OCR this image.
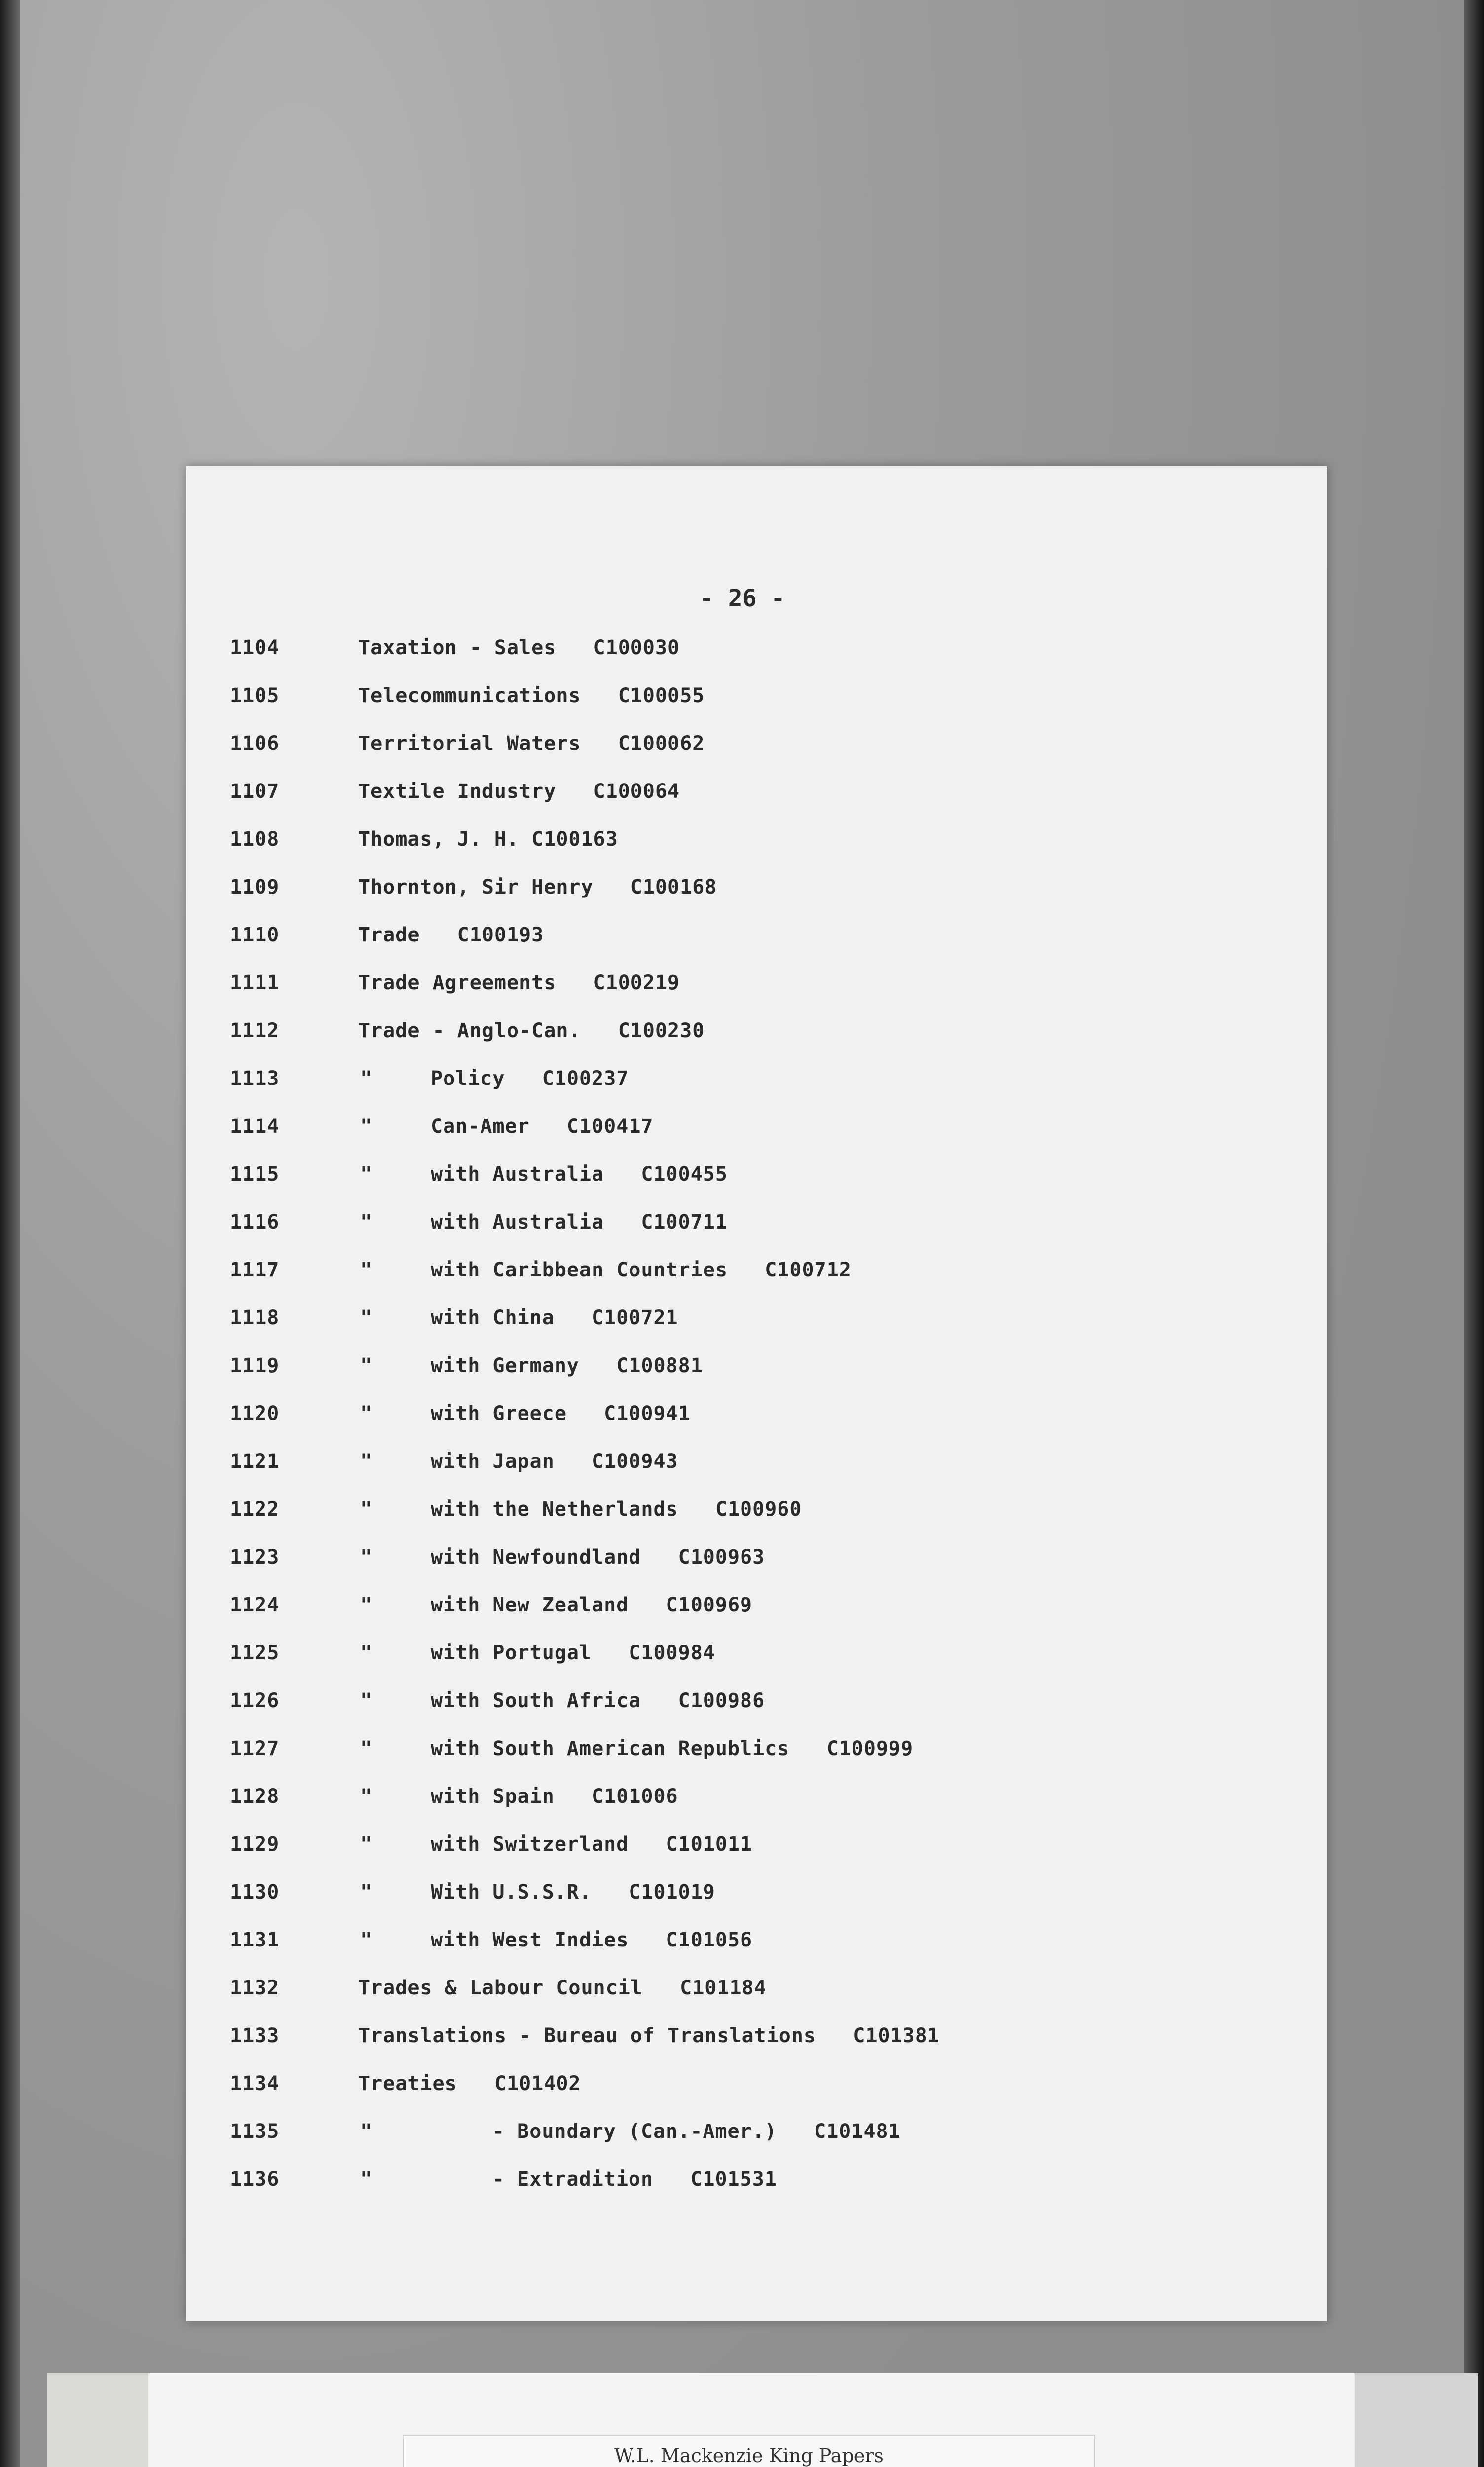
- 26 -
1104	Taxation - Sales   C100030
1105	Telecommunications   C100055
1106	Territorial Waters   C100062
1107	Textile Industry   C100064
1108	Thomas, J. H. C100163
1109	Thornton, Sir Henry   C100168
1110	Trade   C100193
1111	Trade Agreements   C100219
1112	Trade - Anglo-Can.   C100230
1113	"	Policy   C100237
1114	"	Can-Amer   C100417
1115	"	with Australia   C100455
1116	"	with Australia   C100711
1117	"	with Caribbean Countries   C100712
1118	"	with China   C100721
1119	"	with Germany   C100881
1120	"	with Greece   C100941
1121	"	with Japan   C100943
1122	"	with the Netherlands   C100960
1123	"	with Newfoundland   C100963
1124	"	with New Zealand   C100969
1125	"	with Portugal   C100984
1126	"	with South Africa   C100986
1127	"	with South American Republics   C100999
1128	"	with Spain   C101006
1129	"	with Switzerland   C101011
1130	"	With U.S.S.R.   C101019
1131	"	with West Indies   C101056
1132	Trades & Labour Council   C101184
1133	Translations - Bureau of Translations   C101381
1134	Treaties   C101402
1135	"	- Boundary (Can.-Amer.)   C101481
1136	"	- Extradition   C101531
W.L. Mackenzie King Papers
